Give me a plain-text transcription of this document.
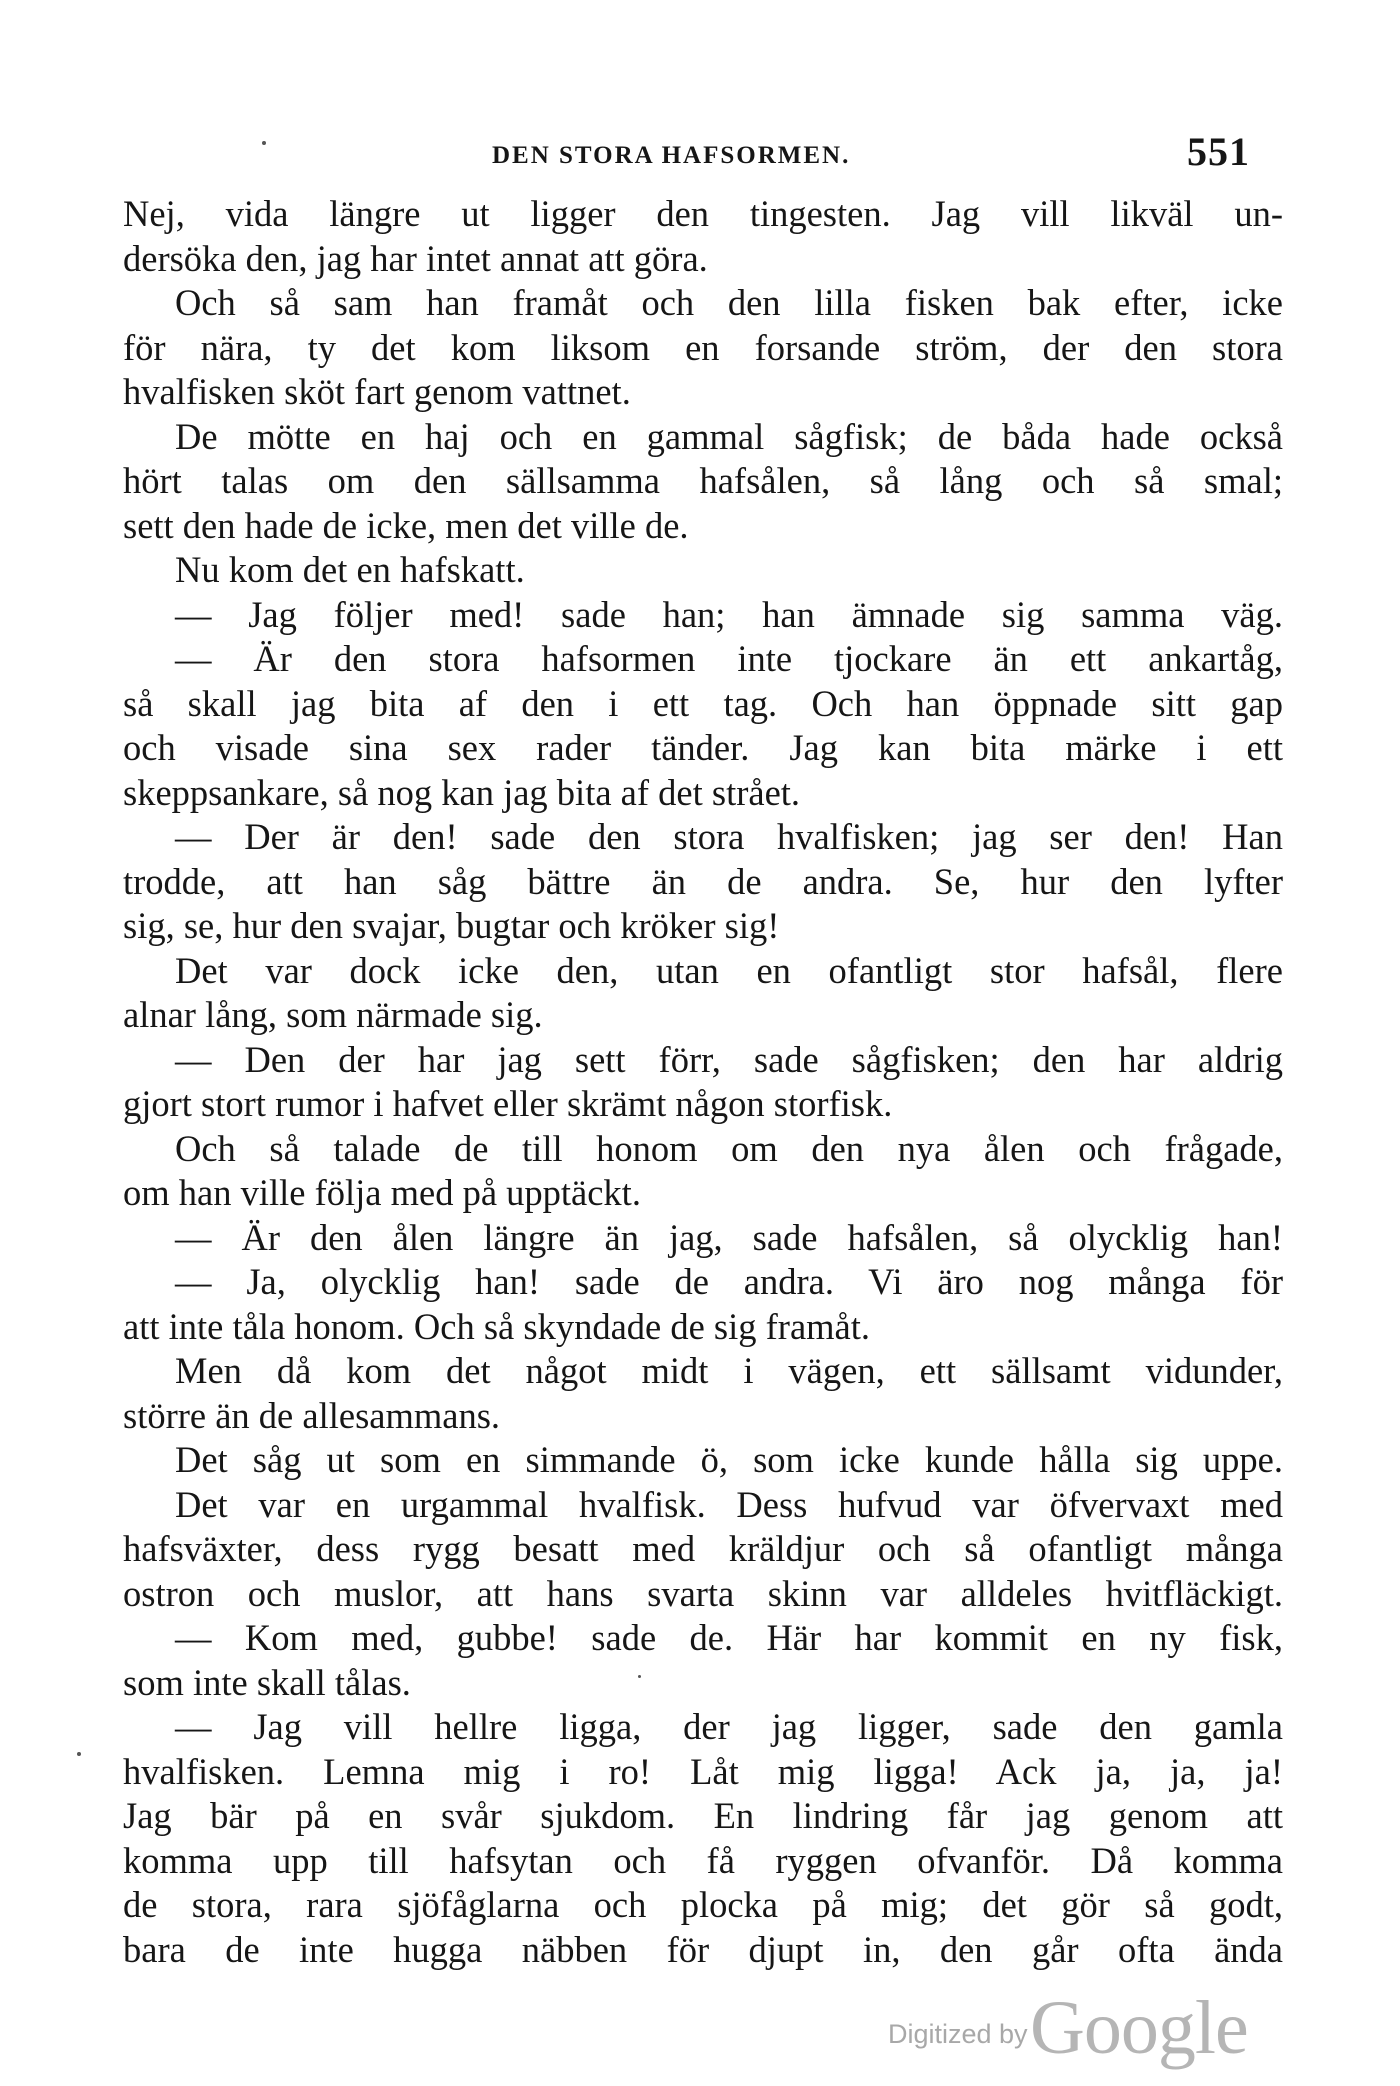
DEN STORA HAFSORMEN.	551
Nej, vida längre ut ligger den tingesten. Jag vill likväl un-
dersöka den, jag har intet annat att göra.
Och så sam han framåt och den lilla fisken bak efter, icke
för nära, ty det kom liksom en forsande ström, der den stora
hvalfisken sköt fart genom vattnet.
De mötte en haj och en gammal sågfisk; de båda hade också
hört talas om den sällsamma hafsålen, så lång och så smal;
sett den hade de icke, men det ville de.
Nu kom det en hafskatt.
— Jag följer med! sade han; han ämnade sig samma väg.
— Är den stora hafsormen inte tjockare än ett ankartåg,
så skall jag bita af den i ett tag. Och han öppnade sitt gap
och visade sina sex rader tänder. Jag kan bita märke i ett
skeppsankare, så nog kan jag bita af det strået.
— Der är den! sade den stora hvalfisken; jag ser den! Han
trodde, att han såg bättre än de andra. Se, hur den lyfter
sig, se, hur den svajar, bugtar och kröker sig!
Det var dock icke den, utan en ofantligt stor hafsål, flere
alnar lång, som närmade sig.
— Den der har jag sett förr, sade sågfisken; den har aldrig
gjort stort rumor i hafvet eller skrämt någon storfisk.
Och så talade de till honom om den nya ålen och frågade,
om han ville följa med på upptäckt.
— Är den ålen längre än jag, sade hafsålen, så olycklig han!
— Ja, olycklig han! sade de andra. Vi äro nog många för
att inte tåla honom. Och så skyndade de sig framåt.
Men då kom det något midt i vägen, ett sällsamt vidunder,
större än de allesammans.
Det såg ut som en simmande ö, som icke kunde hålla sig uppe.
Det var en urgammal hvalfisk. Dess hufvud var öfvervaxt med
hafsväxter, dess rygg besatt med kräldjur och så ofantligt många
ostron och muslor, att hans svarta skinn var alldeles hvitfläckigt.
— Kom med, gubbe! sade de. Här har kommit en ny fisk,
som inte skall tålas.
— Jag vill hellre ligga, der jag ligger, sade den gamla
hvalfisken. Lemna mig i ro! Låt mig ligga! Ack ja, ja, ja!
Jag bär på en svår sjukdom. En lindring får jag genom att
komma upp till hafsytan och få ryggen ofvanför. Då komma
de stora, rara sjöfåglarna och plocka på mig; det gör så godt,
bara de inte hugga näbben för djupt in, den går ofta ända
Digitized by Google
